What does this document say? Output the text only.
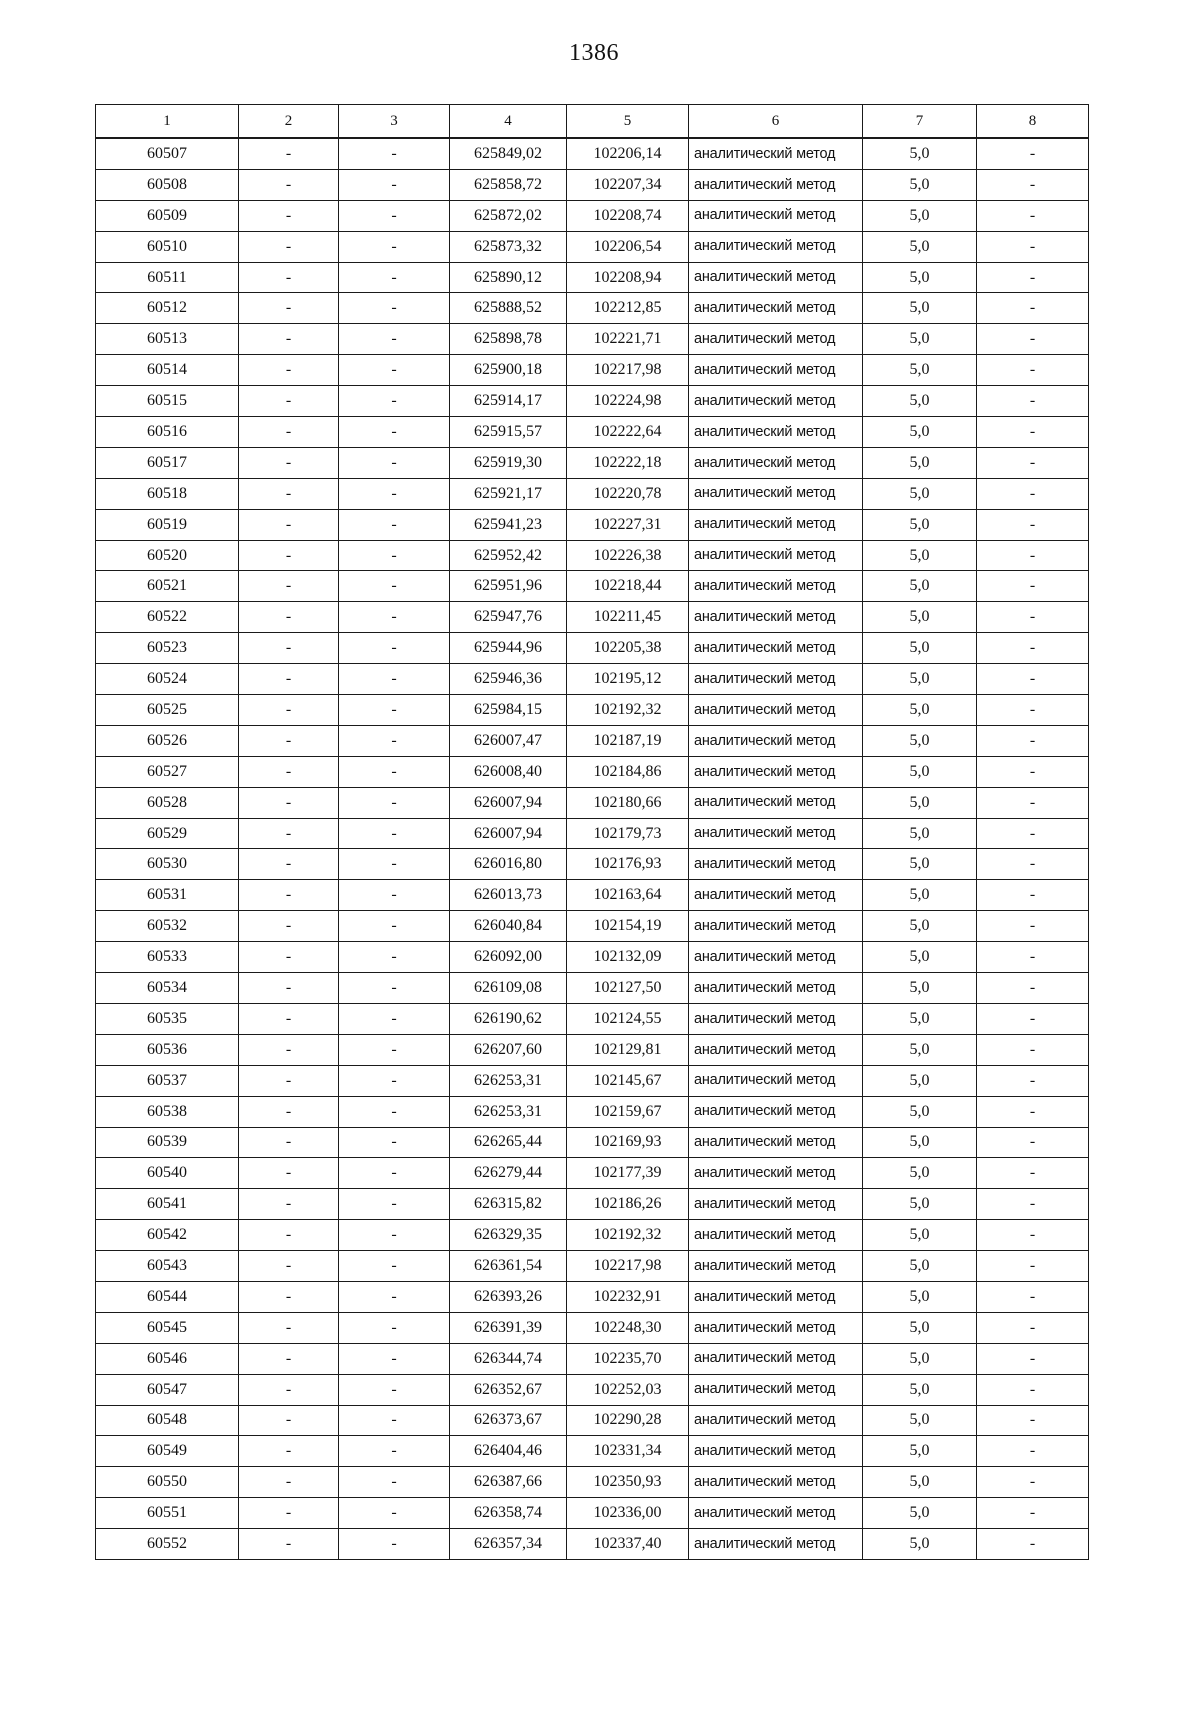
1386
1	2	3	4	5	6	7	8
60507	-	-	625849,02	102206,14	аналитический метод	5,0	-
60508	-	-	625858,72	102207,34	аналитический метод	5,0	-
60509	-	-	625872,02	102208,74	аналитический метод	5,0	-
60510	-	-	625873,32	102206,54	аналитический метод	5,0	-
60511	-	-	625890,12	102208,94	аналитический метод	5,0	-
60512	-	-	625888,52	102212,85	аналитический метод	5,0	-
60513	-	-	625898,78	102221,71	аналитический метод	5,0	-
60514	-	-	625900,18	102217,98	аналитический метод	5,0	-
60515	-	-	625914,17	102224,98	аналитический метод	5,0	-
60516	-	-	625915,57	102222,64	аналитический метод	5,0	-
60517	-	-	625919,30	102222,18	аналитический метод	5,0	-
60518	-	-	625921,17	102220,78	аналитический метод	5,0	-
60519	-	-	625941,23	102227,31	аналитический метод	5,0	-
60520	-	-	625952,42	102226,38	аналитический метод	5,0	-
60521	-	-	625951,96	102218,44	аналитический метод	5,0	-
60522	-	-	625947,76	102211,45	аналитический метод	5,0	-
60523	-	-	625944,96	102205,38	аналитический метод	5,0	-
60524	-	-	625946,36	102195,12	аналитический метод	5,0	-
60525	-	-	625984,15	102192,32	аналитический метод	5,0	-
60526	-	-	626007,47	102187,19	аналитический метод	5,0	-
60527	-	-	626008,40	102184,86	аналитический метод	5,0	-
60528	-	-	626007,94	102180,66	аналитический метод	5,0	-
60529	-	-	626007,94	102179,73	аналитический метод	5,0	-
60530	-	-	626016,80	102176,93	аналитический метод	5,0	-
60531	-	-	626013,73	102163,64	аналитический метод	5,0	-
60532	-	-	626040,84	102154,19	аналитический метод	5,0	-
60533	-	-	626092,00	102132,09	аналитический метод	5,0	-
60534	-	-	626109,08	102127,50	аналитический метод	5,0	-
60535	-	-	626190,62	102124,55	аналитический метод	5,0	-
60536	-	-	626207,60	102129,81	аналитический метод	5,0	-
60537	-	-	626253,31	102145,67	аналитический метод	5,0	-
60538	-	-	626253,31	102159,67	аналитический метод	5,0	-
60539	-	-	626265,44	102169,93	аналитический метод	5,0	-
60540	-	-	626279,44	102177,39	аналитический метод	5,0	-
60541	-	-	626315,82	102186,26	аналитический метод	5,0	-
60542	-	-	626329,35	102192,32	аналитический метод	5,0	-
60543	-	-	626361,54	102217,98	аналитический метод	5,0	-
60544	-	-	626393,26	102232,91	аналитический метод	5,0	-
60545	-	-	626391,39	102248,30	аналитический метод	5,0	-
60546	-	-	626344,74	102235,70	аналитический метод	5,0	-
60547	-	-	626352,67	102252,03	аналитический метод	5,0	-
60548	-	-	626373,67	102290,28	аналитический метод	5,0	-
60549	-	-	626404,46	102331,34	аналитический метод	5,0	-
60550	-	-	626387,66	102350,93	аналитический метод	5,0	-
60551	-	-	626358,74	102336,00	аналитический метод	5,0	-
60552	-	-	626357,34	102337,40	аналитический метод	5,0	-
